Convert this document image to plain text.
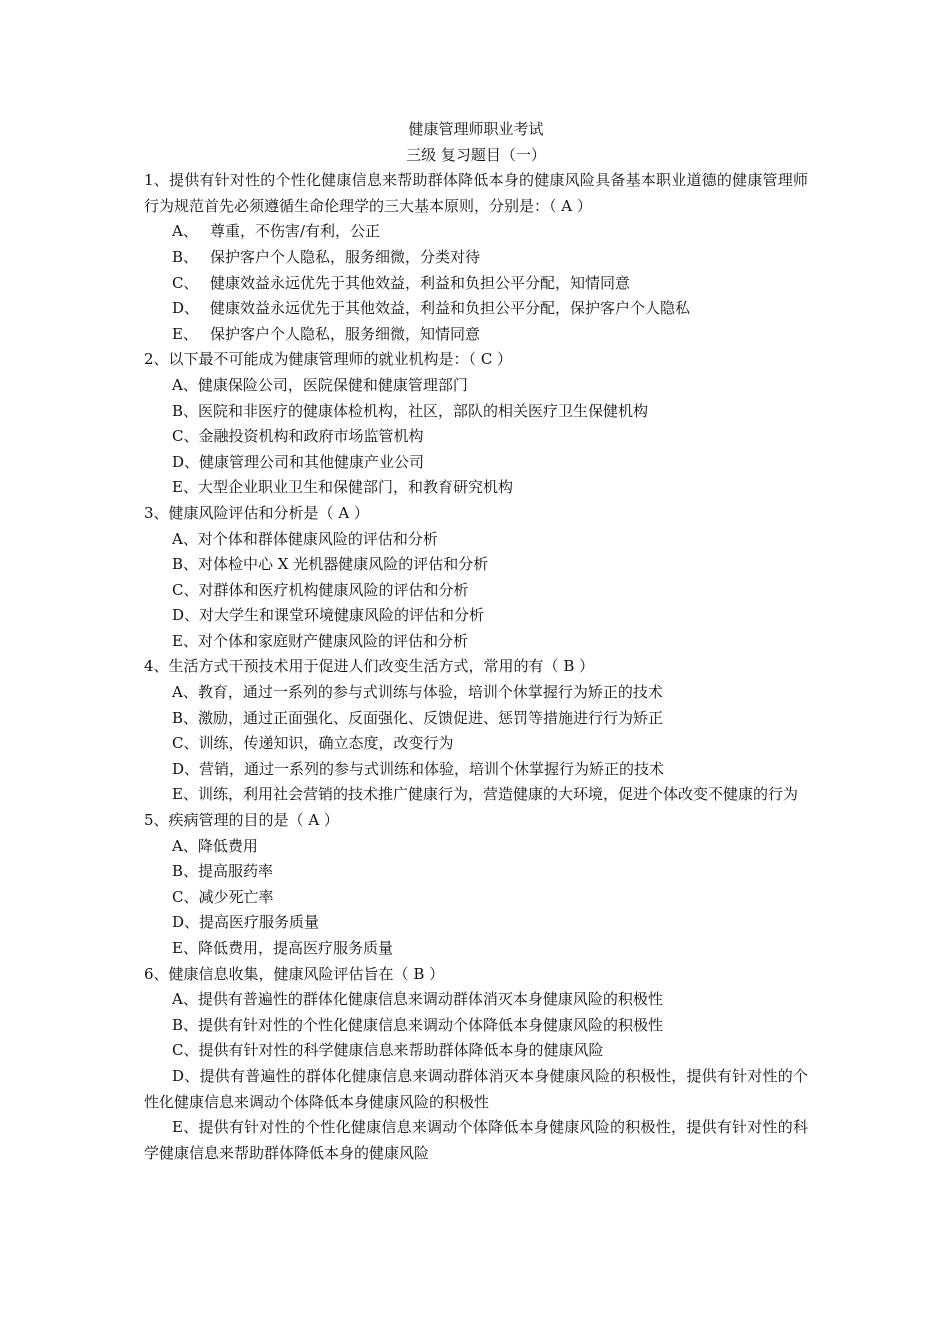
健康管理师职业考试

三级 复习题目（一）

1、提供有针对性的个性化健康信息来帮助群体降低本身的健康风险具备基本职业道德的健康管理师行为规范首先必须遵循生命伦理学的三大基本原则，分别是：（ A ）

A、 尊重，不伤害/有利，公正

B、 保护客户个人隐私，服务细微，分类对待

C、 健康效益永远优先于其他效益，利益和负担公平分配，知情同意

D、 健康效益永远优先于其他效益，利益和负担公平分配，保护客户个人隐私

E、 保护客户个人隐私，服务细微，知情同意

2、以下最不可能成为健康管理师的就业机构是：（ C ）

A、健康保险公司，医院保健和健康管理部门

B、医院和非医疗的健康体检机构，社区，部队的相关医疗卫生保健机构

C、金融投资机构和政府市场监管机构

D、健康管理公司和其他健康产业公司

E、大型企业职业卫生和保健部门，和教育研究机构

3、健康风险评估和分析是（ A ）

A、对个体和群体健康风险的评估和分析

B、对体检中心 X 光机器健康风险的评估和分析

C、对群体和医疗机构健康风险的评估和分析

D、对大学生和课堂环境健康风险的评估和分析

E、对个体和家庭财产健康风险的评估和分析

4、生活方式干预技术用于促进人们改变生活方式，常用的有（ B ）

A、教育，通过一系列的参与式训练与体验，培训个休掌握行为矫正的技术

B、激励，通过正面强化、反面强化、反馈促进、惩罚等措施进行行为矫正

C、训练，传递知识，确立态度，改变行为

D、营销，通过一系列的参与式训练和体验，培训个休掌握行为矫正的技术

E、训练，利用社会营销的技术推广健康行为，营造健康的大环境，促进个体改变不健康的行为

5、疾病管理的目的是（ A ）

A、降低费用

B、提高服药率

C、减少死亡率

D、提高医疗服务质量

E、降低费用，提高医疗服务质量

6、健康信息收集，健康风险评估旨在（ B ）

A、提供有普遍性的群体化健康信息来调动群体消灭本身健康风险的积极性

B、提供有针对性的个性化健康信息来调动个体降低本身健康风险的积极性

C、提供有针对性的科学健康信息来帮助群体降低本身的健康风险

D、提供有普遍性的群体化健康信息来调动群体消灭本身健康风险的积极性，提供有针对性的个性化健康信息来调动个体降低本身健康风险的积极性

E、提供有针对性的个性化健康信息来调动个体降低本身健康风险的积极性，提供有针对性的科学健康信息来帮助群体降低本身的健康风险
